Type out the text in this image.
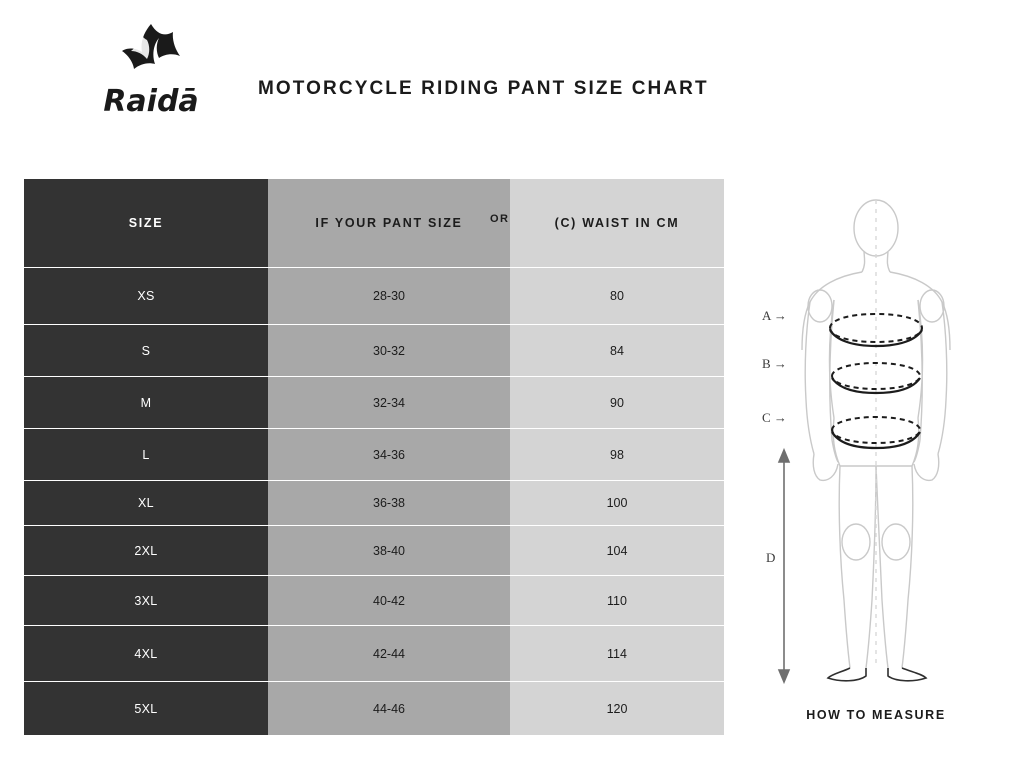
Raidā	MOTORCYCLE RIDING PANT SIZE CHART
SIZE	IF YOUR PANT SIZE	(C) WAIST IN CM
XS	28-30	80
S	30-32	84
M	32-34	90
L	34-36	98
XL	36-38	100
2XL	38-40	104
3XL	40-42	110
4XL	42-44	114
5XL	44-46	120
OR
A →
B →
C →
D
HOW TO MEASURE
